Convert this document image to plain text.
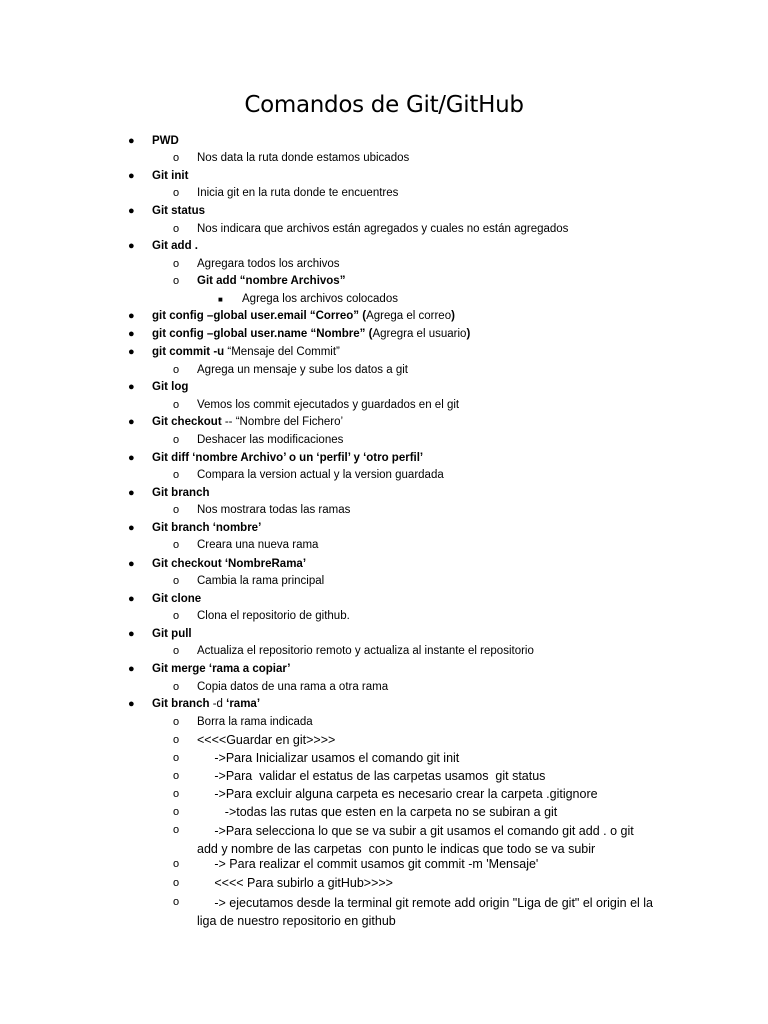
Comandos de Git/GitHub
● PWD
o Nos data la ruta donde estamos ubicados
● Git init
o Inicia git en la ruta donde te encuentres
● Git status
o Nos indicara que archivos están agregados y cuales no están agregados
● Git add .
o Agregara todos los archivos
o Git add “nombre Archivos”
■ Agrega los archivos colocados
● git config –global user.email “Correo” (Agrega el correo)
● git config –global user.name “Nombre” (Agregra el usuario)
● git commit -u “Mensaje del Commit”
o Agrega un mensaje y sube los datos a git
● Git log
o Vemos los commit ejecutados y guardados en el git
● Git checkout -- “Nombre del Fichero’
o Deshacer las modificaciones
● Git diff ‘nombre Archivo’ o un ‘perfil’ y ‘otro perfil’
o Compara la version actual y la version guardada
● Git branch
o Nos mostrara todas las ramas
● Git branch ‘nombre’
o Creara una nueva rama
● Git checkout ‘NombreRama’
o Cambia la rama principal
● Git clone
o Clona el repositorio de github.
● Git pull
o Actualiza el repositorio remoto y actualiza al instante el repositorio
● Git merge ‘rama a copiar’
o Copia datos de una rama a otra rama
● Git branch -d ‘rama’
o Borra la rama indicada
o <<<<Guardar en git>>>>
o ->Para Inicializar usamos el comando git init
o ->Para  validar el estatus de las carpetas usamos  git status
o ->Para excluir alguna carpeta es necesario crear la carpeta .gitignore
o ->todas las rutas que esten en la carpeta no se subiran a git
o ->Para selecciona lo que se va subir a git usamos el comando git add . o git add y nombre de las carpetas  con punto le indicas que todo se va subir
o -> Para realizar el commit usamos git commit -m 'Mensaje'
o <<<< Para subirlo a gitHub>>>>
o -> ejecutamos desde la terminal git remote add origin "Liga de git" el origin el la liga de nuestro repositorio en github
